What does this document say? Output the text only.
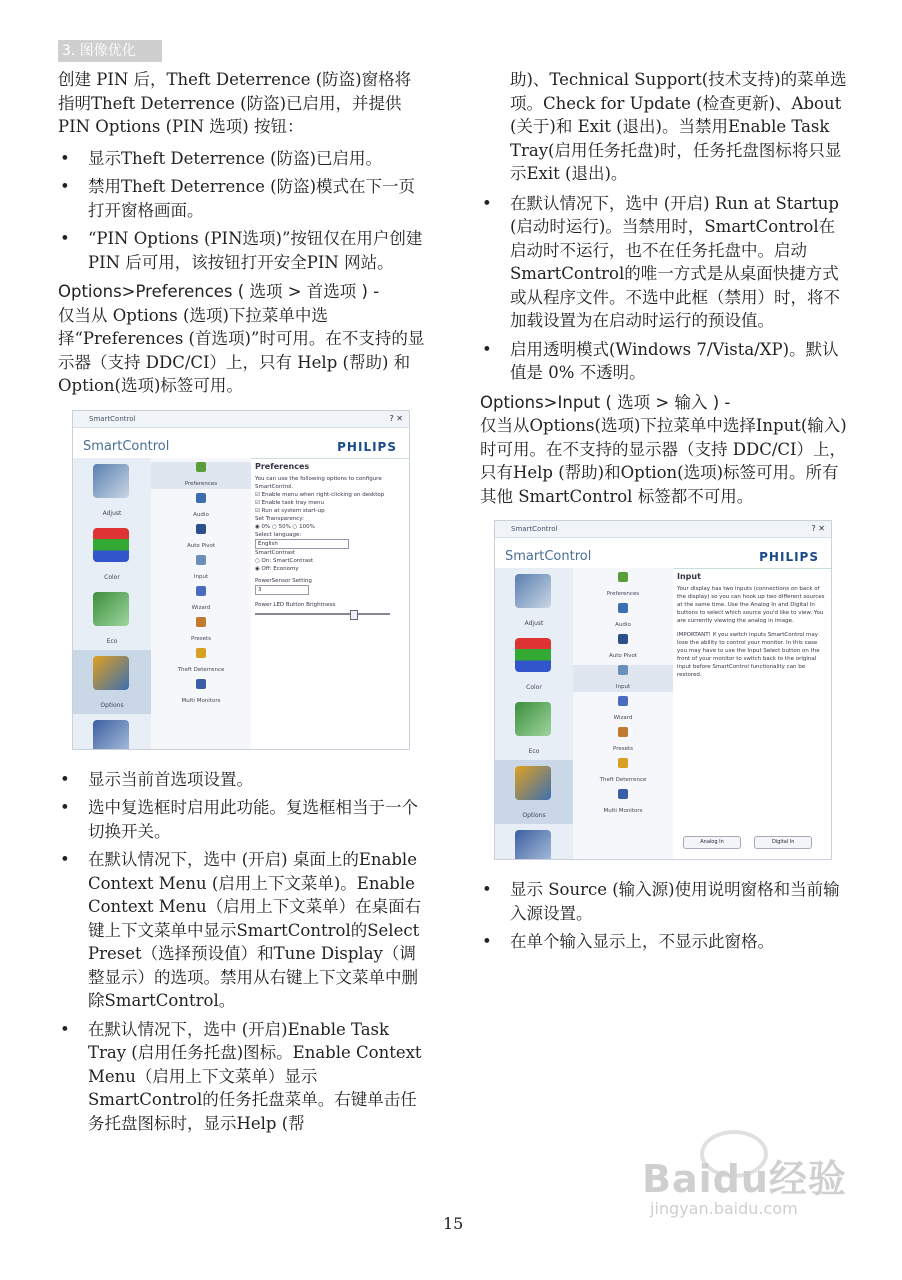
3. 图像优化

创建 PIN 后，Theft Deterrence (防盗)窗格将指明Theft Deterrence (防盗)已启用，并提供PIN Options (PIN 选项) 按钮：

• 显示Theft Deterrence (防盗)已启用。
• 禁用Theft Deterrence (防盗)模式在下一页打开窗格画面。
• “PIN Options (PIN选项)”按钮仅在用户创建 PIN 后可用，该按钮打开安全PIN 网站。
Options>Preferences ( 选项 > 首选项 ) -

仅当从 Options (选项)下拉菜单中选择“Preferences (首选项)”时可用。在不支持的显示器（支持 DDC/CI）上，只有 Help (帮助) 和 Option(选项)标签可用。

SmartControl	? ✕
SmartControl	PHILIPS
Adjust
Color
Eco
Options
Preferences
Audio
Auto Pivot
Input
Wizard
Presets
Theft Deterrence
Multi Monitors
Preferences
You can use the following options to configure SmartControl.
☑ Enable menu when right-clicking on desktop
☑ Enable task tray menu
☑ Run at system start-up
Set Transparency:
◉ 0% ○ 50% ○ 100%
Select language:
English
SmartContrast
○ On: SmartContrast
◉ Off: Economy
PowerSensor Setting
3
Power LED Button Brightness
• 显示当前首选项设置。
• 选中复选框时启用此功能。复选框相当于一个切换开关。
• 在默认情况下，选中 (开启) 桌面上的Enable Context Menu (启用上下文菜单)。Enable Context Menu（启用上下文菜单）在桌面右键上下文菜单中显示SmartControl的Select Preset（选择预设值）和Tune Display（调整显示）的选项。禁用从右键上下文菜单中删除SmartControl。
• 在默认情况下，选中 (开启)Enable Task Tray (启用任务托盘)图标。Enable Context Menu（启用上下文菜单）显示SmartControl的任务托盘菜单。右键单击任务托盘图标时，显示Help (帮

助)、Technical Support(技术支持)的菜单选项。Check for Update (检查更新)、About (关于)和 Exit (退出)。当禁用Enable Task Tray(启用任务托盘)时，任务托盘图标将只显示Exit (退出)。

• 在默认情况下，选中 (开启) Run at Startup (启动时运行)。当禁用时，SmartControl在启动时不运行，也不在任务托盘中。启动SmartControl的唯一方式是从桌面快捷方式或从程序文件。不选中此框（禁用）时，将不加载设置为在启动时运行的预设值。
• 启用透明模式(Windows 7/Vista/XP)。默认值是 0% 不透明。
Options>Input ( 选项 > 输入 ) -

仅当从Options(选项)下拉菜单中选择Input(输入)时可用。在不支持的显示器（支持 DDC/CI）上，只有Help (帮助)和Option(选项)标签可用。所有其他 SmartControl 标签都不可用。

SmartControl	? ✕
SmartControl	PHILIPS
Adjust
Color
Eco
Options
Preferences
Audio
Auto Pivot
Input
Wizard
Presets
Theft Deterrence
Multi Monitors
Input
Your display has two inputs (connections on back of the display) so you can hook up two different sources at the same time. Use the Analog In and Digital In buttons to select which source you'd like to view. You are currently viewing the analog in image.
IMPORTANT! If you switch inputs SmartControl may lose the ability to control your monitor. In this case you may have to use the Input Select button on the front of your monitor to switch back to the original input before SmartControl functionality can be restored.
Analog In	Digital In
• 显示 Source (输入源)使用说明窗格和当前输入源设置。
• 在单个输入显示上，不显示此窗格。
15
Baidu经验
jingyan.baidu.com
